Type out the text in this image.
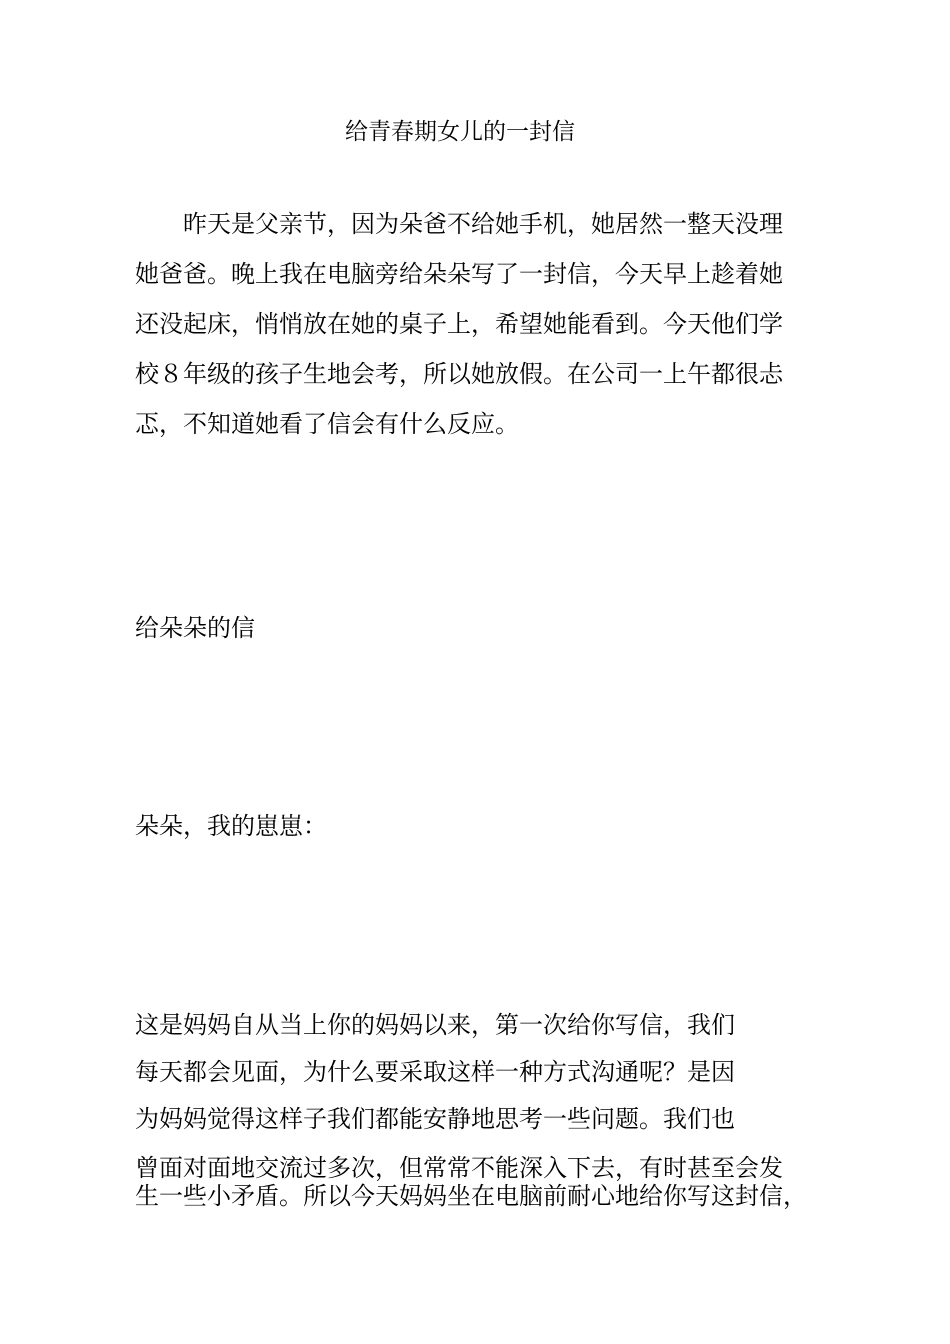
给青春期女儿的一封信
昨天是父亲节，因为朵爸不给她手机，她居然一整天没理
她爸爸。晚上我在电脑旁给朵朵写了一封信，今天早上趁着她
还没起床，悄悄放在她的桌子上，希望她能看到。今天他们学
校８年级的孩子生地会考，所以她放假。在公司一上午都很忐
忑，不知道她看了信会有什么反应。
给朵朵的信
朵朵，我的崽崽：
这是妈妈自从当上你的妈妈以来，第一次给你写信，我们
每天都会见面，为什么要采取这样一种方式沟通呢？是因
为妈妈觉得这样子我们都能安静地思考一些问题。我们也
曾面对面地交流过多次，但常常不能深入下去，有时甚至会发
生一些小矛盾。所以今天妈妈坐在电脑前耐心地给你写这封信，
